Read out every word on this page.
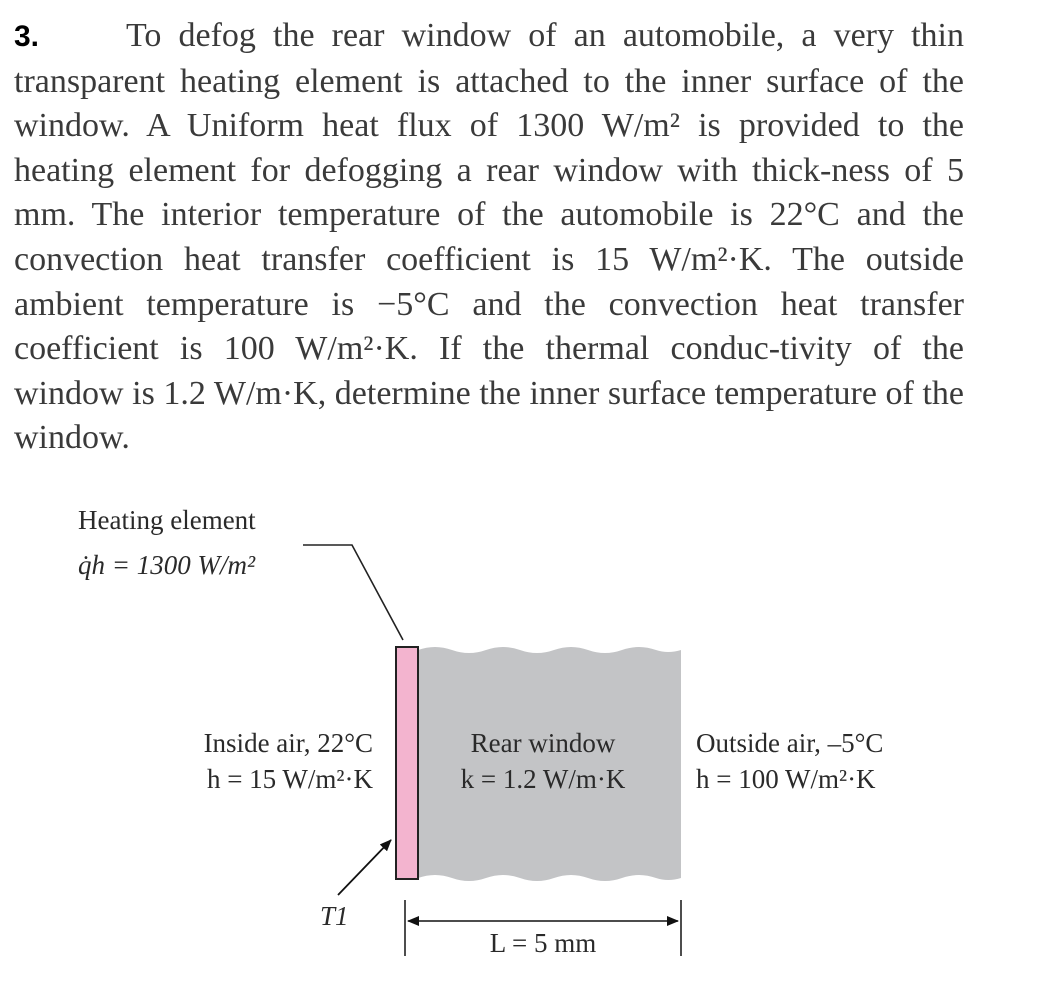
3.	To defog the rear window of an automobile, a very thin transparent heating element is attached to the inner surface of the window. A Uniform heat flux of 1300 W/m² is provided to the heating element for defogging a rear window with thick-ness of 5 mm. The interior temperature of the automobile is 22°C and the convection heat transfer coefficient is 15 W/m²·K. The outside ambient temperature is −5°C and the convection heat transfer coefficient is 100 W/m²·K. If the thermal conduc-tivity of the window is 1.2 W/m·K, determine the inner surface temperature of the window.
Heating element
q̇h = 1300 W/m²
Inside air, 22°C
h = 15 W/m²·K
Rear window
k = 1.2 W/m·K
Outside air, –5°C
h = 100 W/m²·K
T1
L = 5 mm
